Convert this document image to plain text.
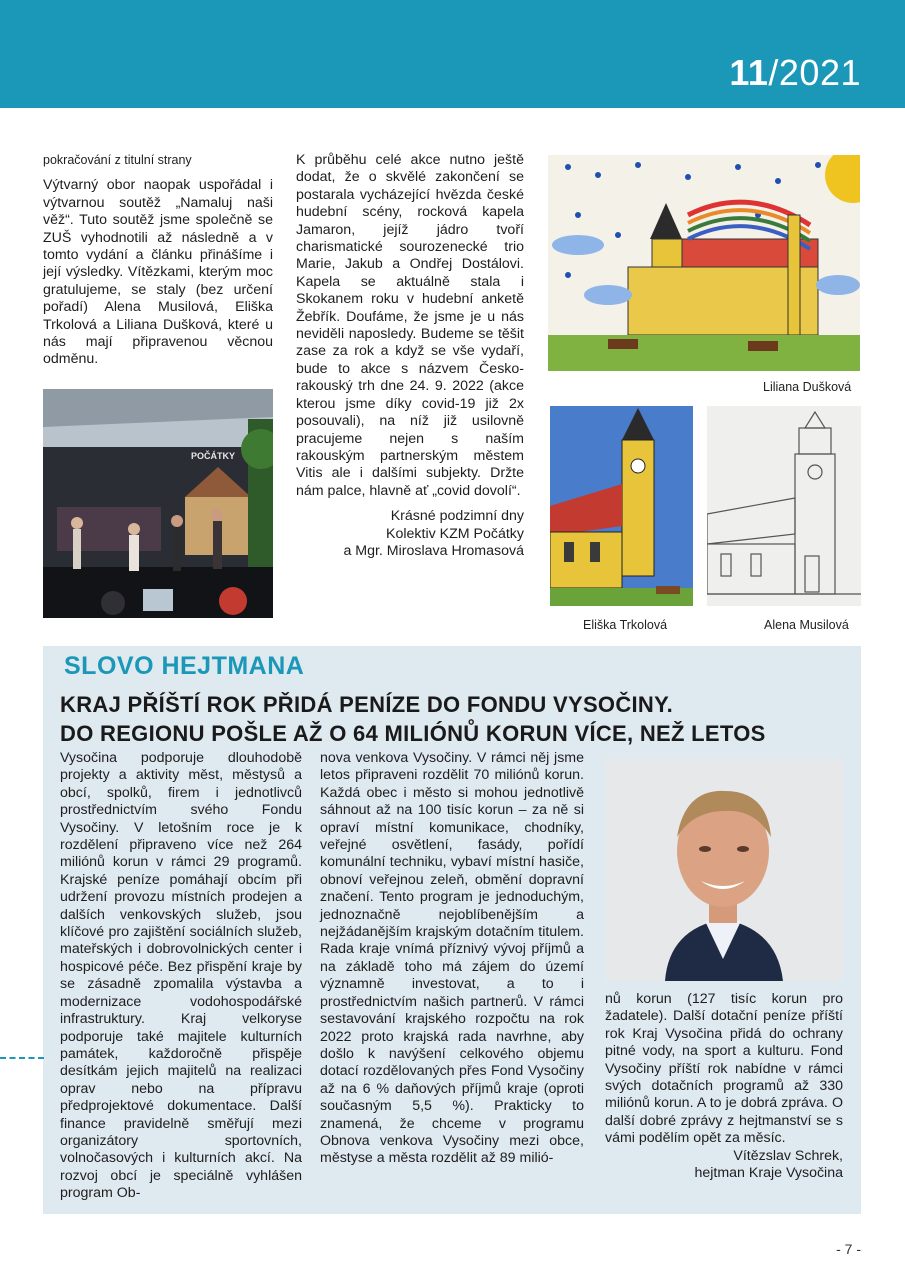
11/2021

pokračování z titulní strany

Výtvarný obor naopak uspořádal i výtvarnou soutěž „Namaluj naši věž“. Tuto soutěž jsme společně se ZUŠ vyhodnotili až následně a v tomto vydání a článku přinášíme i její výsledky. Vítězkami, kterým moc gratulujeme, se staly (bez určení pořadí) Alena Musilová, Eliška Trkolová a Liliana Dušková, které u nás mají připravenou věcnou odměnu.

POČÁTKY

K průběhu celé akce nutno ještě dodat, že o skvělé zakončení se postarala vycházející hvězda české hudební scény, rocková kapela Jamaron, jejíž jádro tvoří charismatické sourozenecké trio Marie, Jakub a Ondřej Dostálovi. Kapela se aktuálně stala i Skokanem roku v hudební anketě Žebřík. Doufáme, že jsme je u nás neviděli naposledy. Budeme se těšit zase za rok a když se vše vydaří, bude to akce s názvem Česko-rakouský trh dne 24. 9. 2022 (akce kterou jsme díky covid-19 již 2x posouvali), na níž již usilovně pracujeme nejen s naším rakouským partnerským městem Vitis ale i dalšími subjekty. Držte nám palce, hlavně ať „covid dovolí“.

Krásné podzimní dny

Kolektiv KZM Počátky

a Mgr. Miroslava Hromasová

Liliana Dušková
Eliška Trkolová	Alena Musilová
SLOVO HEJTMANA
KRAJ PŘÍŠTÍ ROK PŘIDÁ PENÍZE DO FONDU VYSOČINY.
DO REGIONU POŠLE AŽ O 64 MILIÓNŮ KORUN VÍCE, NEŽ LETOS

Vysočina podporuje dlouhodobě projekty a aktivity měst, městysů a obcí, spolků, firem i jednotlivců prostřednictvím svého Fondu Vysočiny. V letošním roce je k rozdělení připraveno více než 264 miliónů korun v rámci 29 programů. Krajské peníze pomáhají obcím při udržení provozu místních prodejen a dalších venkovských služeb, jsou klíčové pro zajištění sociálních služeb, mateřských i dobrovolnických center i hospicové péče. Bez přispění kraje by se zásadně zpomalila výstavba a modernizace vodohospodářské infrastruktury. Kraj velkoryse podporuje také majitele kulturních památek, každoročně přispěje desítkám jejich majitelů na realizaci oprav nebo na přípravu předprojektové dokumentace. Další finance pravidelně směřují mezi organizátory sportovních, volnočasových i kulturních akcí. Na rozvoj obcí je speciálně vyhlášen program Ob-

nova venkova Vysočiny. V rámci něj jsme letos připraveni rozdělit 70 miliónů korun. Každá obec i město si mohou jednotlivě sáhnout až na 100 tisíc korun – za ně si opraví místní komunikace, chodníky, veřejné osvětlení, fasády, pořídí komunální techniku, vybaví místní hasiče, obnoví veřejnou zeleň, obmění dopravní značení. Tento program je jednoduchým, jednoznačně nejoblíbenějším a nejžádanějším krajským dotačním titulem. Rada kraje vnímá příznivý vývoj příjmů a na základě toho má zájem do území významně investovat, a to i prostřednictvím našich partnerů. V rámci sestavování krajského rozpočtu na rok 2022 proto krajská rada navrhne, aby došlo k navýšení celkového objemu dotací rozdělovaných přes Fond Vysočiny až na 6 % daňových příjmů kraje (oproti současným 5,5 %). Prakticky to znamená, že chceme v programu Obnova venkova Vysočiny mezi obce, městyse a města rozdělit až 89 milió-

nů korun (127 tisíc korun pro žadatele). Další dotační peníze příští rok Kraj Vysočina přidá do ochrany pitné vody, na sport a kulturu. Fond Vysočiny příští rok nabídne v rámci svých dotačních programů až 330 miliónů korun. A to je dobrá zpráva. O další dobré zprávy z hejtmanství se s vámi podělím opět za měsíc.

Vítězslav Schrek,

hejtman Kraje Vysočina

- 7 -
